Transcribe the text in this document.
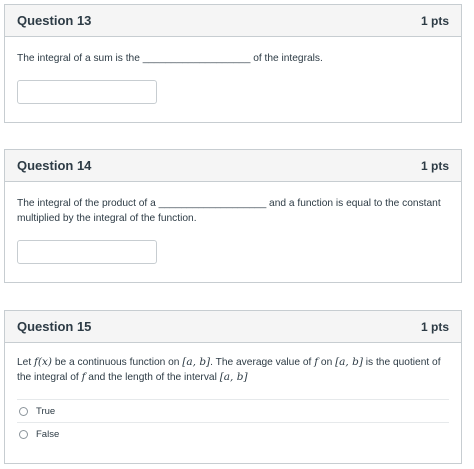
Question 13	1 pts

The integral of a sum is the ___________________ of the integrals.

Question 14	1 pts

The integral of the product of a ___________________ and a function is equal to the constant multiplied by the integral of the function.

Question 15	1 pts

Let f(x) be a continuous function on [a, b]. The average value of f on [a, b] is the quotient of the integral of f and the length of the interval [a, b]

True
False
